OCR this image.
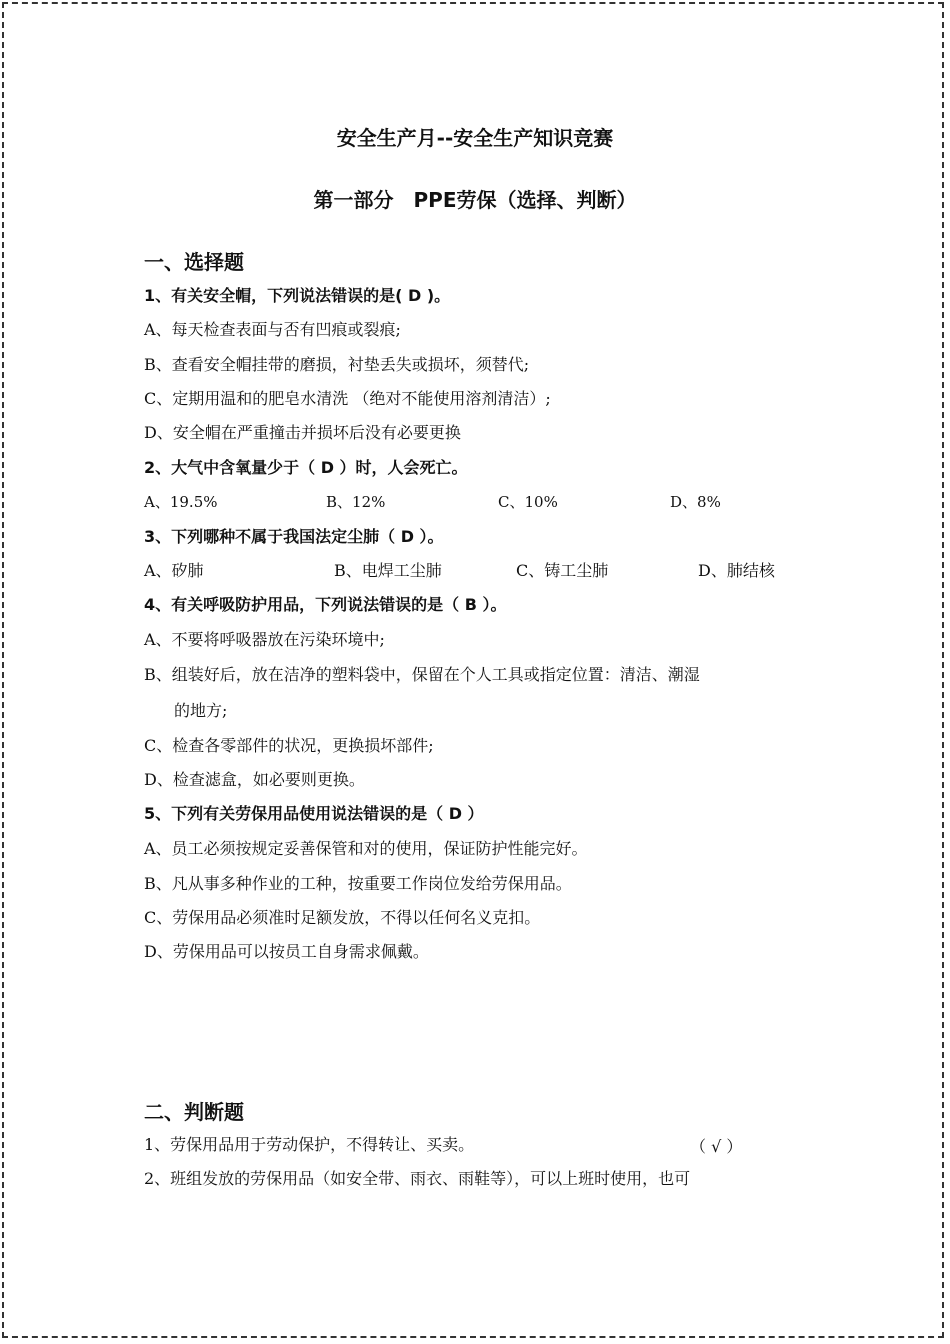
安全生产月--安全生产知识竞赛
第一部分　PPE劳保（选择、判断）
一、选择题
1、有关安全帽，下列说法错误的是( D )。
A、每天检查表面与否有凹痕或裂痕;
B、查看安全帽挂带的磨损，衬垫丢失或损坏，须替代;
C、定期用温和的肥皂水清洗 （绝对不能使用溶剂清洁）;
D、安全帽在严重撞击并损坏后没有必要更换
2、大气中含氧量少于（ D ）时，人会死亡。
A、19.5%	B、12%	C、10%	D、8%
3、下列哪种不属于我国法定尘肺（ D ）。
A、矽肺	B、电焊工尘肺	C、铸工尘肺	D、肺结核
4、有关呼吸防护用品，下列说法错误的是（ B ）。
A、不要将呼吸器放在污染环境中;
B、组装好后，放在洁净的塑料袋中，保留在个人工具或指定位置：清洁、潮湿
的地方;
C、检查各零部件的状况，更换损坏部件;
D、检查滤盒，如必要则更换。
5、下列有关劳保用品使用说法错误的是（ D ）
A、员工必须按规定妥善保管和对的使用，保证防护性能完好。
B、凡从事多种作业的工种，按重要工作岗位发给劳保用品。
C、劳保用品必须准时足额发放，不得以任何名义克扣。
D、劳保用品可以按员工自身需求佩戴。
二、判断题
1、劳保用品用于劳动保护，不得转让、买卖。	（ √ ）
2、班组发放的劳保用品（如安全带、雨衣、雨鞋等），可以上班时使用，也可
